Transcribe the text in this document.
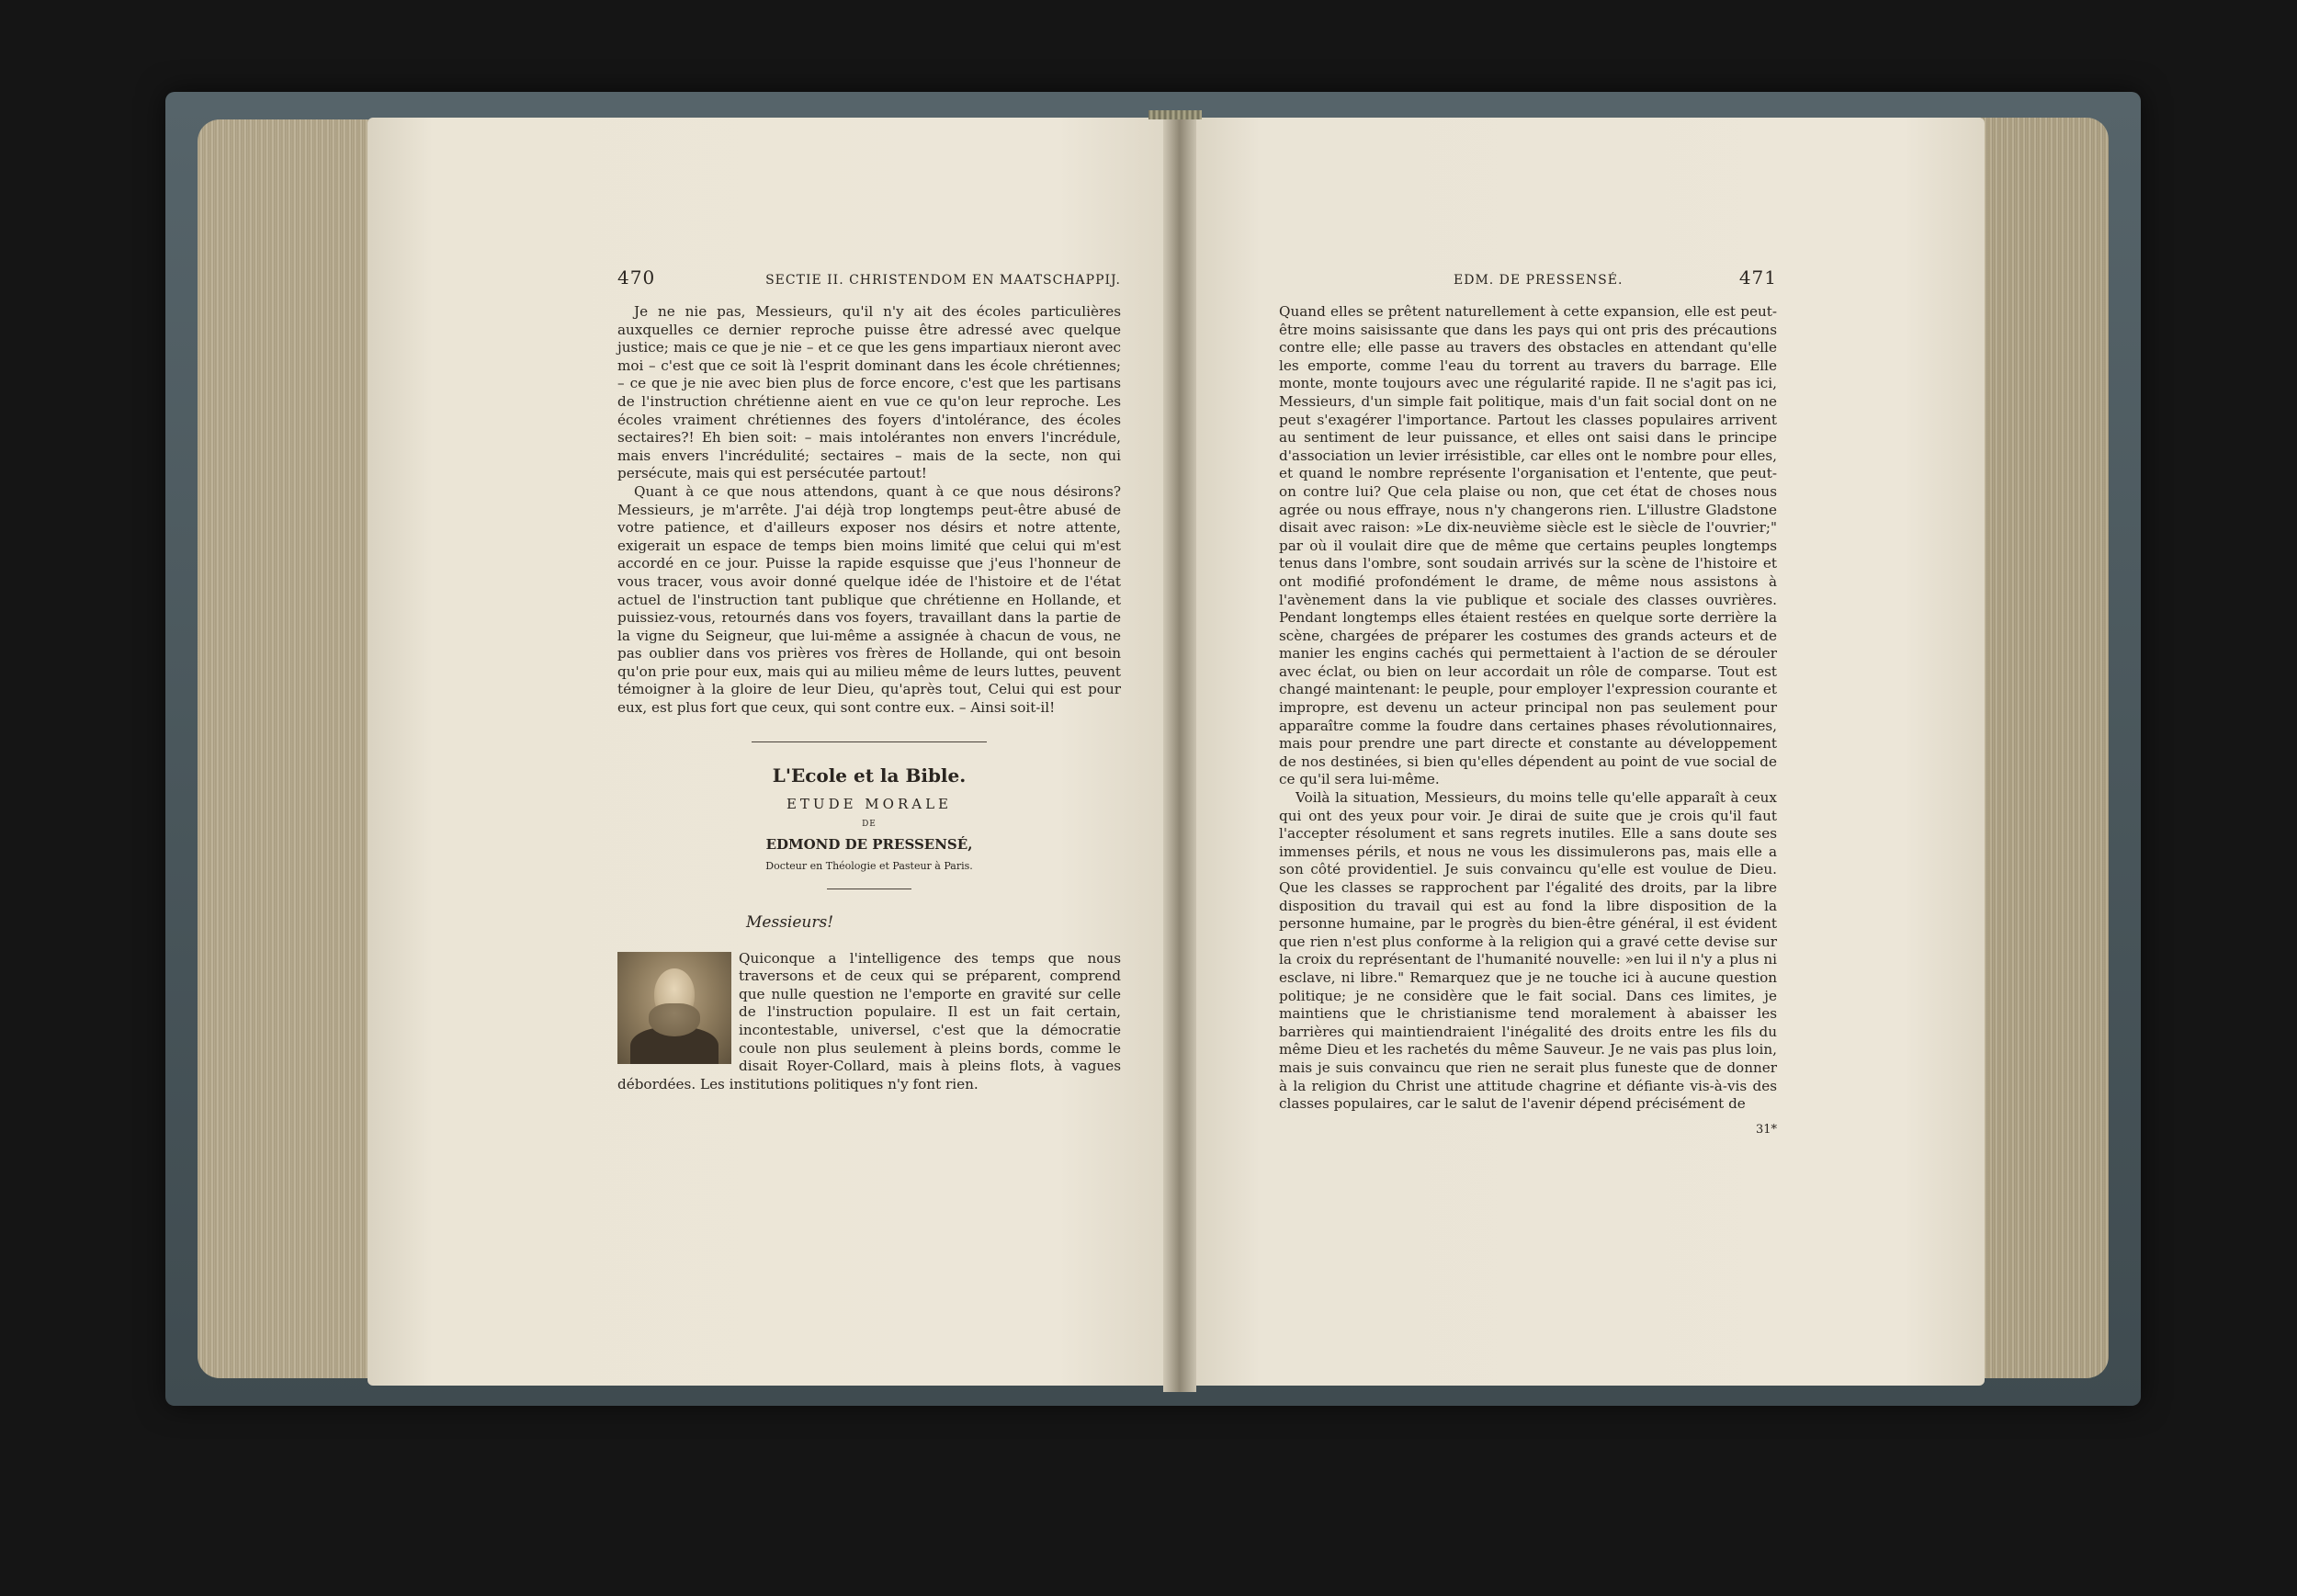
470	SECTIE II. CHRISTENDOM EN MAATSCHAPPIJ.

Je ne nie pas, Messieurs, qu'il n'y ait des écoles particulières auxquelles ce dernier reproche puisse être adressé avec quelque justice; mais ce que je nie – et ce que les gens impartiaux nieront avec moi – c'est que ce soit là l'esprit dominant dans les école chrétiennes; – ce que je nie avec bien plus de force encore, c'est que les partisans de l'instruction chrétienne aient en vue ce qu'on leur reproche. Les écoles vraiment chrétiennes des foyers d'intolérance, des écoles sectaires?! Eh bien soit: – mais intolérantes non envers l'incrédule, mais envers l'incrédulité; sectaires – mais de la secte, non qui persécute, mais qui est persécutée partout!

Quant à ce que nous attendons, quant à ce que nous désirons? Messieurs, je m'arrête. J'ai déjà trop longtemps peut-être abusé de votre patience, et d'ailleurs exposer nos désirs et notre attente, exigerait un espace de temps bien moins limité que celui qui m'est accordé en ce jour. Puisse la rapide esquisse que j'eus l'honneur de vous tracer, vous avoir donné quelque idée de l'histoire et de l'état actuel de l'instruction tant publique que chrétienne en Hollande, et puissiez-vous, retournés dans vos foyers, travaillant dans la partie de la vigne du Seigneur, que lui-même a assignée à chacun de vous, ne pas oublier dans vos prières vos frères de Hollande, qui ont besoin qu'on prie pour eux, mais qui au milieu même de leurs luttes, peuvent témoigner à la gloire de leur Dieu, qu'après tout, Celui qui est pour eux, est plus fort que ceux, qui sont contre eux. – Ainsi soit-il!

L'Ecole et la Bible.

ETUDE MORALE

DE

EDMOND DE PRESSENSÉ,

Docteur en Théologie et Pasteur à Paris.

Messieurs!

Quiconque a l'intelligence des temps que nous traversons et de ceux qui se préparent, comprend que nulle question ne l'emporte en gravité sur celle de l'instruction populaire. Il est un fait certain, incontestable, universel, c'est que la démocratie coule non plus seulement à pleins bords, comme le disait Royer-Collard, mais à pleins flots, à vagues débordées. Les institutions politiques n'y font rien.

EDM. DE PRESSENSÉ.	471

Quand elles se prêtent naturellement à cette expansion, elle est peut-être moins saisissante que dans les pays qui ont pris des précautions contre elle; elle passe au travers des obstacles en attendant qu'elle les emporte, comme l'eau du torrent au travers du barrage. Elle monte, monte toujours avec une régularité rapide. Il ne s'agit pas ici, Messieurs, d'un simple fait politique, mais d'un fait social dont on ne peut s'exagérer l'importance. Partout les classes populaires arrivent au sentiment de leur puissance, et elles ont saisi dans le principe d'association un levier irrésistible, car elles ont le nombre pour elles, et quand le nombre représente l'organisation et l'entente, que peut-on contre lui? Que cela plaise ou non, que cet état de choses nous agrée ou nous effraye, nous n'y changerons rien. L'illustre Gladstone disait avec raison: »Le dix-neuvième siècle est le siècle de l'ouvrier;" par où il voulait dire que de même que certains peuples longtemps tenus dans l'ombre, sont soudain arrivés sur la scène de l'histoire et ont modifié profondément le drame, de même nous assistons à l'avènement dans la vie publique et sociale des classes ouvrières. Pendant longtemps elles étaient restées en quelque sorte derrière la scène, chargées de préparer les costumes des grands acteurs et de manier les engins cachés qui permettaient à l'action de se dérouler avec éclat, ou bien on leur accordait un rôle de comparse. Tout est changé maintenant: le peuple, pour employer l'expression courante et impropre, est devenu un acteur principal non pas seulement pour apparaître comme la foudre dans certaines phases révolutionnaires, mais pour prendre une part directe et constante au développement de nos destinées, si bien qu'elles dépendent au point de vue social de ce qu'il sera lui-même.

Voilà la situation, Messieurs, du moins telle qu'elle apparaît à ceux qui ont des yeux pour voir. Je dirai de suite que je crois qu'il faut l'accepter résolument et sans regrets inutiles. Elle a sans doute ses immenses périls, et nous ne vous les dissimulerons pas, mais elle a son côté providentiel. Je suis convaincu qu'elle est voulue de Dieu. Que les classes se rapprochent par l'égalité des droits, par la libre disposition du travail qui est au fond la libre disposition de la personne humaine, par le progrès du bien-être général, il est évident que rien n'est plus conforme à la religion qui a gravé cette devise sur la croix du représentant de l'humanité nouvelle: »en lui il n'y a plus ni esclave, ni libre." Remarquez que je ne touche ici à aucune question politique; je ne considère que le fait social. Dans ces limites, je maintiens que le christianisme tend moralement à abaisser les barrières qui maintiendraient l'inégalité des droits entre les fils du même Dieu et les rachetés du même Sauveur. Je ne vais pas plus loin, mais je suis convaincu que rien ne serait plus funeste que de donner à la religion du Christ une attitude chagrine et défiante vis-à-vis des classes populaires, car le salut de l'avenir dépend précisément de

31*
